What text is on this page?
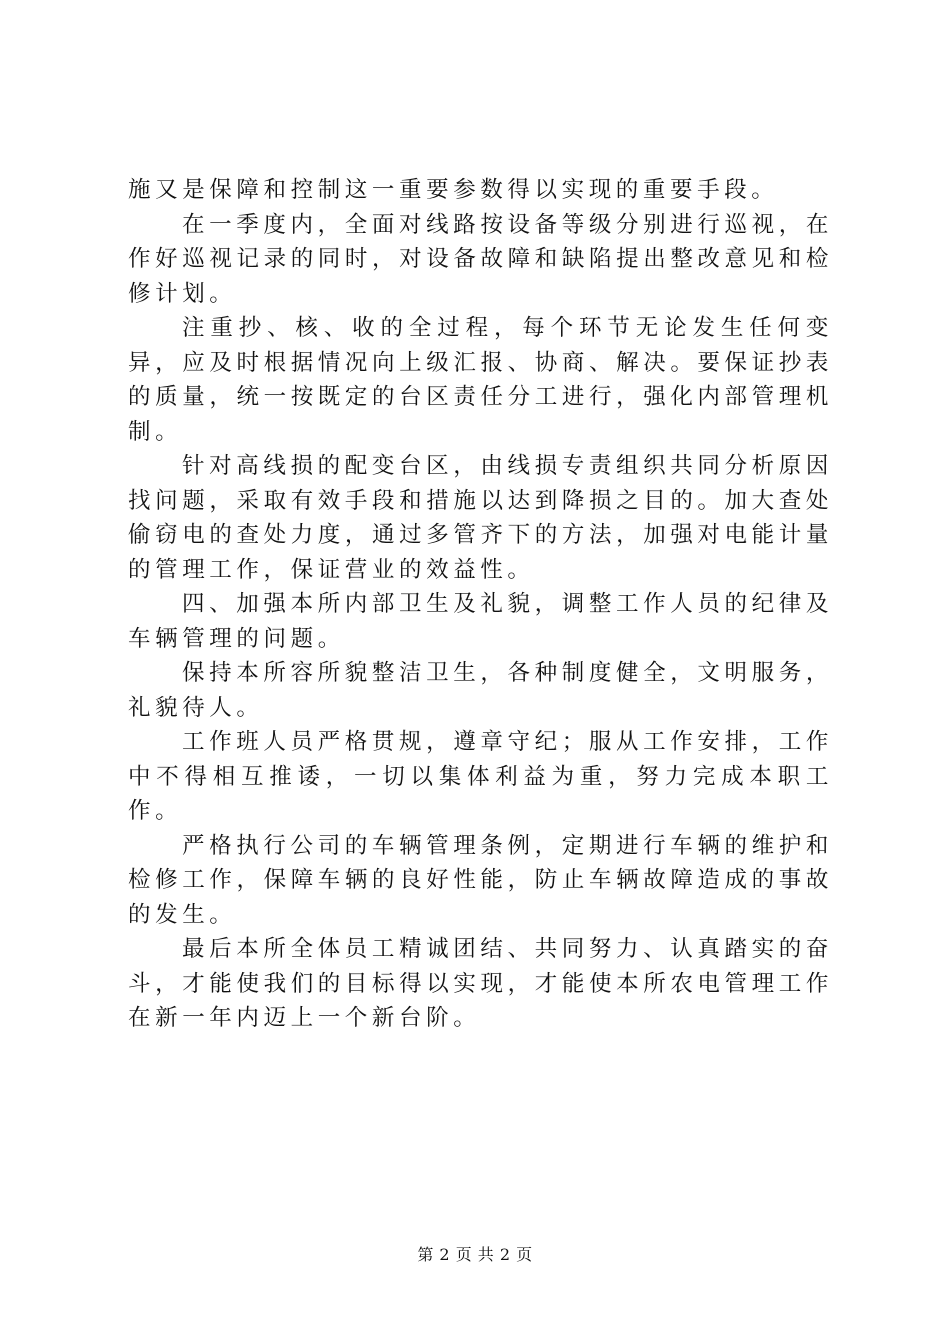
施又是保障和控制这一重要参数得以实现的重要手段。

在一季度内，全面对线路按设备等级分别进行巡视，在作好巡视记录的同时，对设备故障和缺陷提出整改意见和检修计划。

注重抄、核、收的全过程，每个环节无论发生任何变异，应及时根据情况向上级汇报、协商、解决。要保证抄表的质量，统一按既定的台区责任分工进行，强化内部管理机制。

针对高线损的配变台区，由线损专责组织共同分析原因找问题，采取有效手段和措施以达到降损之目的。加大查处偷窃电的查处力度，通过多管齐下的方法，加强对电能计量的管理工作，保证营业的效益性。

四、加强本所内部卫生及礼貌，调整工作人员的纪律及车辆管理的问题。

保持本所容所貌整洁卫生，各种制度健全，文明服务，礼貌待人。

工作班人员严格贯规，遵章守纪；服从工作安排，工作中不得相互推诿，一切以集体利益为重，努力完成本职工作。

严格执行公司的车辆管理条例，定期进行车辆的维护和检修工作，保障车辆的良好性能，防止车辆故障造成的事故的发生。

最后本所全体员工精诚团结、共同努力、认真踏实的奋斗，才能使我们的目标得以实现，才能使本所农电管理工作在新一年内迈上一个新台阶。

第 2 页 共 2 页
